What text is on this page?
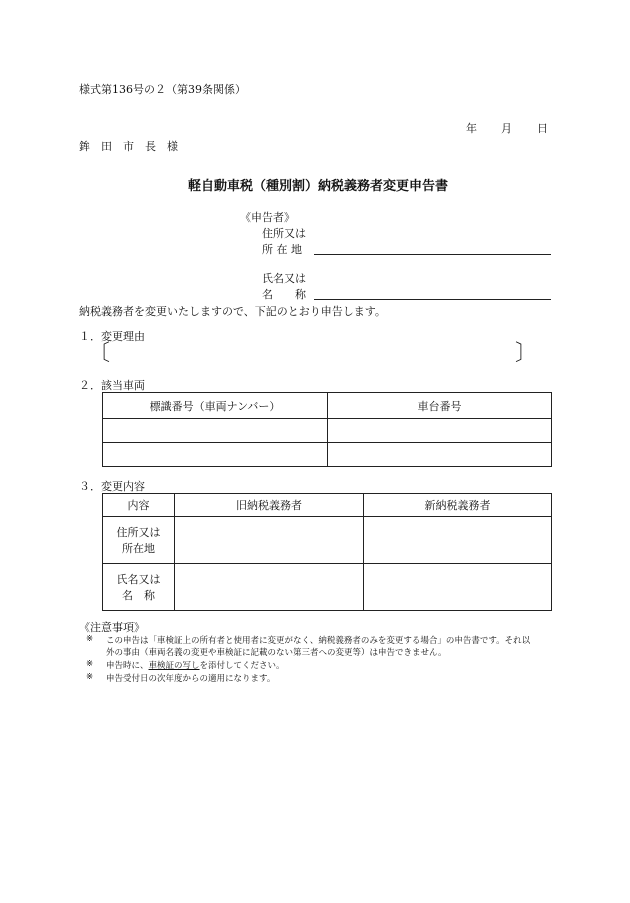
様式第136号の２（第39条関係）
年 月 日
鉾　田　市　長　様
軽自動車税（種別割）納税義務者変更申告書
《申告者》
住所又は
所 在 地
氏名又は
名　　称
納税義務者を変更いたしますので、下記のとおり申告します。
１．変更理由
〔	〕
２．該当車両
標識番号（車両ナンバー）	車台番号

３．変更内容
内容	旧納税義務者	新納税義務者

住所又は
所在地		

氏名又は
名　称		

《注意事項》
※ この申告は「車検証上の所有者と使用者に変更がなく、納税義務者のみを変更する場合」の申告書です。それ以
外の事由（車両名義の変更や車検証に記載のない第三者への変更等）は申告できません。
※ 申告時に、車検証の写しを添付してください。
※ 申告受付日の次年度からの適用になります。
